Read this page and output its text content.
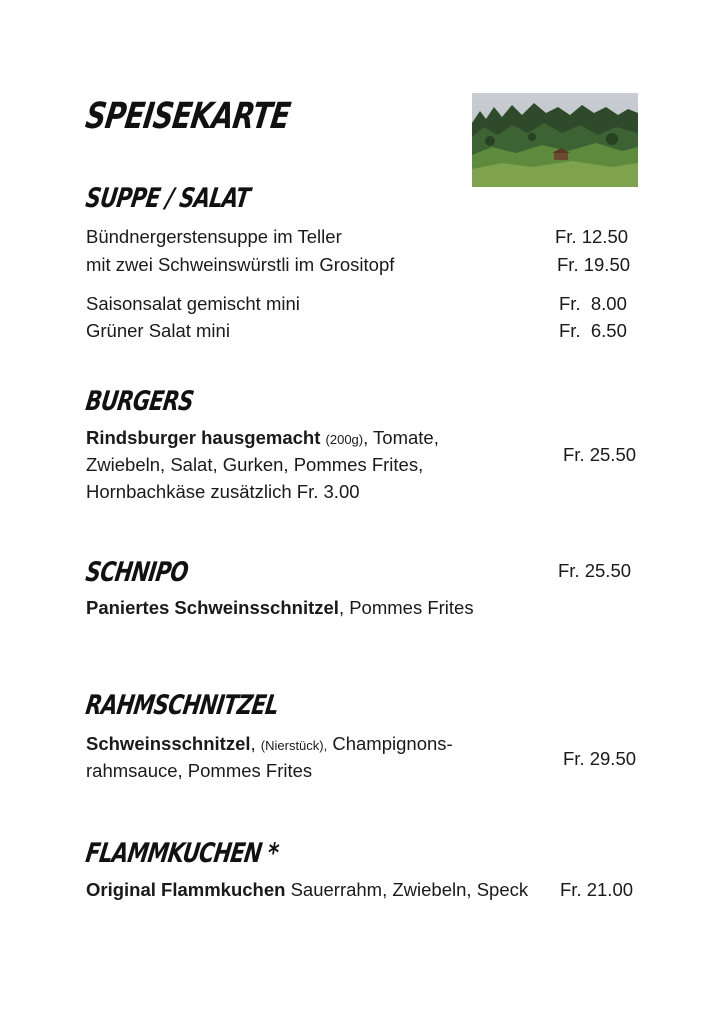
SPEISEKARTE
SUPPE / SALAT
Bündnergerstensuppe im Teller	Fr. 12.50
mit zwei Schweinswürstli im Grositopf	Fr. 19.50
Saisonsalat gemischt mini	Fr.  8.00
Grüner Salat mini	Fr.  6.50
BURGERS
Rindsburger hausgemacht (200g), Tomate,
Zwiebeln, Salat, Gurken, Pommes Frites,
Hornbachkäse zusätzlich Fr. 3.00
Fr. 25.50
SCHNIPO	Fr. 25.50
Paniertes Schweinsschnitzel, Pommes Frites
RAHMSCHNITZEL
Schweinsschnitzel, (Nierstück), Champignons-
rahmsauce, Pommes Frites
Fr. 29.50
FLAMMKUCHEN *
Original Flammkuchen Sauerrahm, Zwiebeln, Speck Fr. 21.00
